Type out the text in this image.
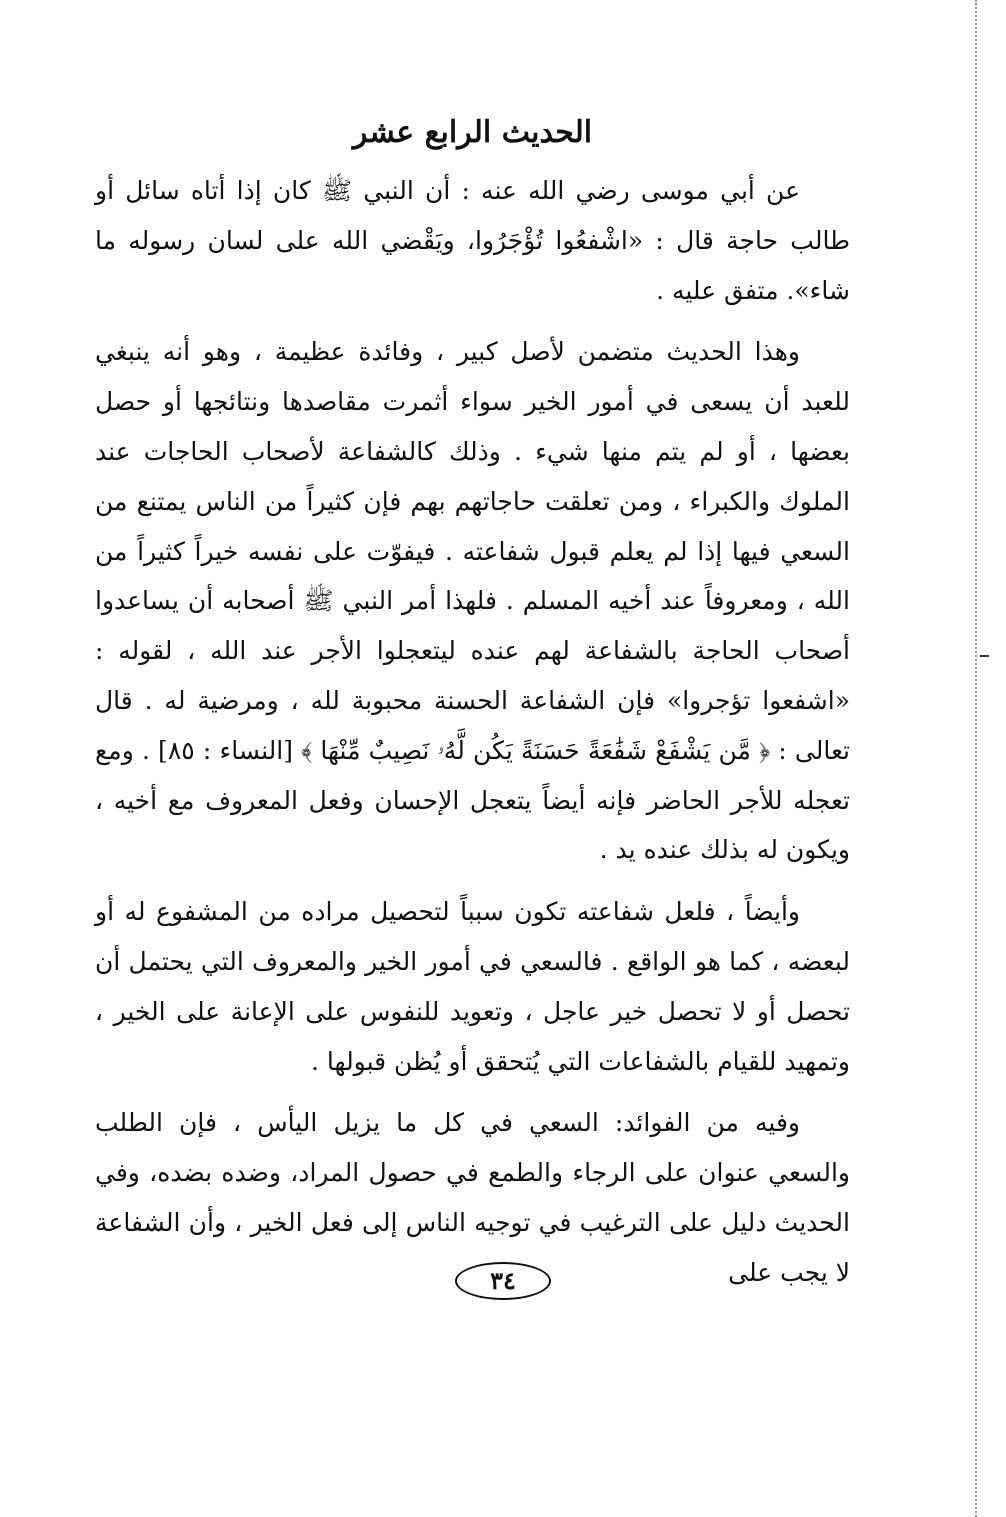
الحديث الرابع عشر

عن أبي موسى رضي الله عنه : أن النبي ﷺ كان إذا أتاه سائل أو طالب حاجة قال : «اشْفعُوا تُؤْجَرُوا، ويَقْضي الله على لسان رسوله ما شاء». متفق عليه .

وهذا الحديث متضمن لأصل كبير ، وفائدة عظيمة ، وهو أنه ينبغي للعبد أن يسعى في أمور الخير سواء أثمرت مقاصدها ونتائجها أو حصل بعضها ، أو لم يتم منها شيء . وذلك كالشفاعة لأصحاب الحاجات عند الملوك والكبراء ، ومن تعلقت حاجاتهم بهم فإن كثيراً من الناس يمتنع من السعي فيها إذا لم يعلم قبول شفاعته . فيفوّت على نفسه خيراً كثيراً من الله ، ومعروفاً عند أخيه المسلم . فلهذا أمر النبي ﷺ أصحابه أن يساعدوا أصحاب الحاجة بالشفاعة لهم عنده ليتعجلوا الأجر عند الله ، لقوله : «اشفعوا تؤجروا» فإن الشفاعة الحسنة محبوبة لله ، ومرضية له . قال تعالى : ﴿ مَّن يَشْفَعْ شَفَٰعَةً حَسَنَةً يَكُن لَّهُۥ نَصِيبٌ مِّنْهَا ﴾ [النساء : ٨٥] . ومع تعجله للأجر الحاضر فإنه أيضاً يتعجل الإحسان وفعل المعروف مع أخيه ، ويكون له بذلك عنده يد .

وأيضاً ، فلعل شفاعته تكون سبباً لتحصيل مراده من المشفوع له أو لبعضه ، كما هو الواقع . فالسعي في أمور الخير والمعروف التي يحتمل أن تحصل أو لا تحصل خير عاجل ، وتعويد للنفوس على الإعانة على الخير ، وتمهيد للقيام بالشفاعات التي يُتحقق أو يُظن قبولها .

وفيه من الفوائد: السعي في كل ما يزيل اليأس ، فإن الطلب والسعي عنوان على الرجاء والطمع في حصول المراد، وضده بضده، وفي الحديث دليل على الترغيب في توجيه الناس إلى فعل الخير ، وأن الشفاعة لا يجب على

٣٤
